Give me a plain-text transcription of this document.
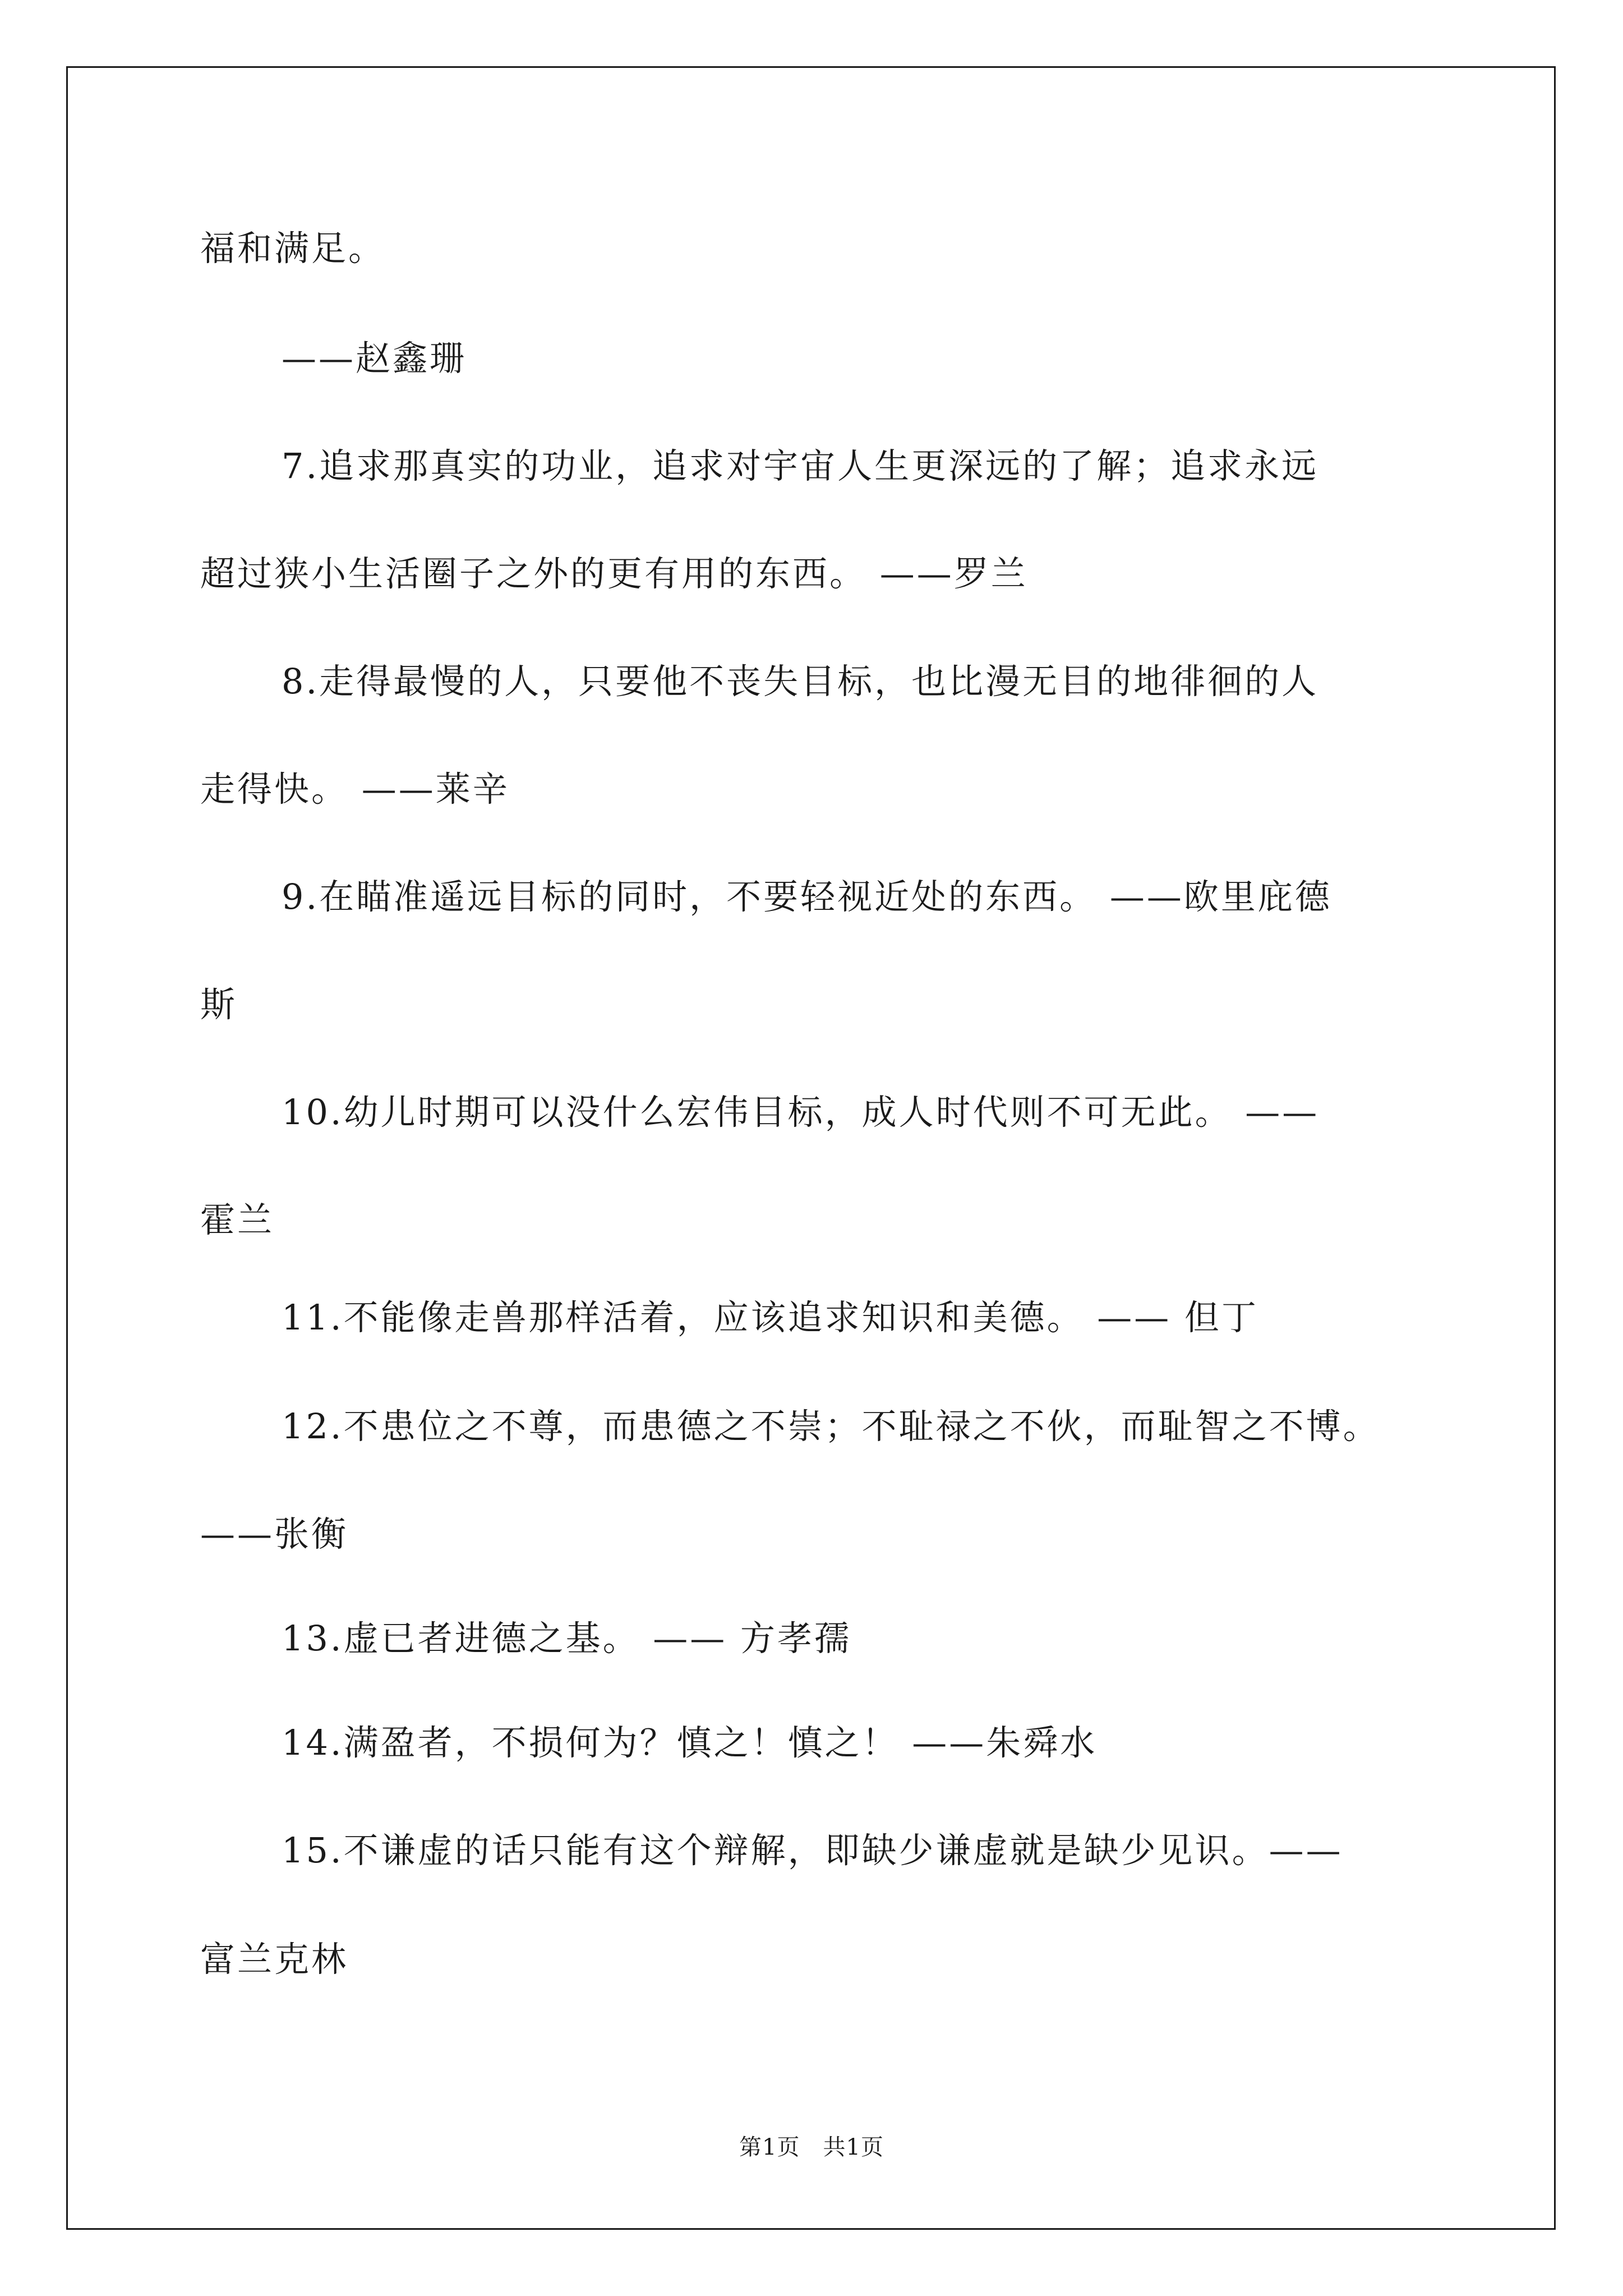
福和满足。
——赵鑫珊
7.追求那真实的功业，追求对宇宙人生更深远的了解；追求永远
超过狭小生活圈子之外的更有用的东西。 ——罗兰
8.走得最慢的人，只要他不丧失目标，也比漫无目的地徘徊的人
走得快。 ——莱辛
9.在瞄准遥远目标的同时，不要轻视近处的东西。 ——欧里庇德
斯
10.幼儿时期可以没什么宏伟目标，成人时代则不可无此。 ——
霍兰
11.不能像走兽那样活着，应该追求知识和美德。 —— 但丁
12.不患位之不尊，而患德之不崇；不耻禄之不伙，而耻智之不博。
——张衡
13.虚已者进德之基。 —— 方孝孺
14.满盈者，不损何为？慎之！慎之！ ——朱舜水
15.不谦虚的话只能有这个辩解，即缺少谦虚就是缺少见识。——
富兰克林
第1页　共1页
